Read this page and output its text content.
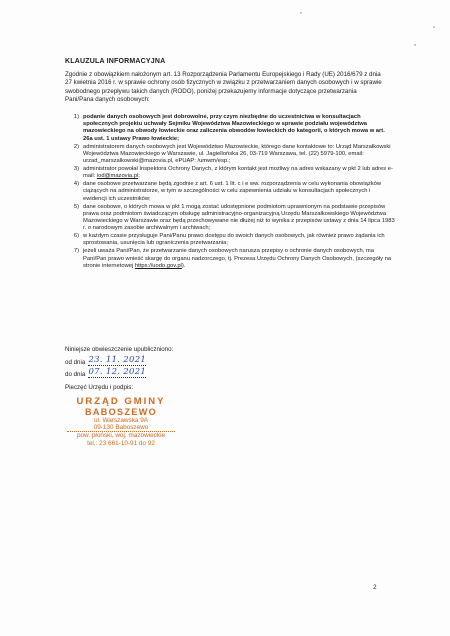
KLAUZULA INFORMACYJNA

Zgodnie z obowiązkiem nałożonym art. 13 Rozporządzenia Parlamentu Europejskiego i Rady (UE) 2016/679 z dnia 27 kwietnia 2016 r. w sprawie ochrony osób fizycznych w związku z przetwarzaniem danych osobowych i w sprawie swobodnego przepływu takich danych (RODO), poniżej przekazujemy informacje dotyczące przetwarzania Pani/Pana danych osobowych:

1) podanie danych osobowych jest dobrowolne, przy czym niezbędne do uczestnictwa w konsultacjach społecznych projektu uchwały Sejmiku Województwa Mazowieckiego w sprawie podziału województwa mazowieckiego na obwody łowieckie oraz zaliczenia obwodów łowieckich do kategorii, o których mowa w art. 26a ust. 1 ustawy Prawo łowieckie;
2) administratorem danych osobowych jest Województwo Mazowieckie, którego dane kontaktowe to: Urząd Marszałkowski Województwa Mazowieckiego w Warszawie, ul. Jagiellońska 26, 03-719 Warszawa, tel. (22) 5979-100, email: urzad_marszalkowski@mazovia.pl, ePUAP: /umwm/esp.;
3) administrator powołał Inspektora Ochrony Danych, z którym kontakt jest możliwy na adres wskazany w pkt 2 lub adres e-mail: iod@mazovia.pl;
4) dane osobowe przetwarzane będą zgodnie z art. 6 ust. 1 lit. c i e ww. rozporządzenia w celu wykonania obowiązków ciążących na administratorze, w tym w szczególności w celu zapewnienia udziału w konsultacjach społecznych i ewidencji ich uczestników;
5) dane osobowe, o których mowa w pkt 1 mogą zostać udostępnione podmiotom uprawnionym na podstawie przepisów prawa oraz podmiotom świadczącym obsługę administracyjno-organizacyjną Urzędu Marszałkowskiego Województwa Mazowieckiego w Warszawie oraz będą przechowywane nie dłużej niż to wynika z przepisów ustawy z dnia 14 lipca 1983 r. o narodowym zasobie archiwalnym i archiwach;
6) w każdym czasie przysługuje Pani/Panu prawo dostępu do swoich danych osobowych, jak również prawo żądania ich sprostowania, usunięcia lub ograniczenia przetwarzania;
7) jeżeli uważa Pani/Pan, że przetwarzanie danych osobowych narusza przepisy o ochronie danych osobowych, ma Pani/Pan prawo wnieść skargę do organu nadzorczego, tj. Prezesa Urzędu Ochrony Danych Osobowych, (szczegóły na stronie internetowej https://uodo.gov.pl).

Niniejsze obwieszczenie upubliczniono:

od dnia 23. 11. 2021
do dnia 07. 12. 2021

Pieczęć Urzędu i podpis:

URZĄD GMINY
BABOSZEWO
ul. Warszawska 9A
09-130 Baboszewo
pow. płoński, woj. mazowieckie
tel.: 23 661-10-91 do 92

2
